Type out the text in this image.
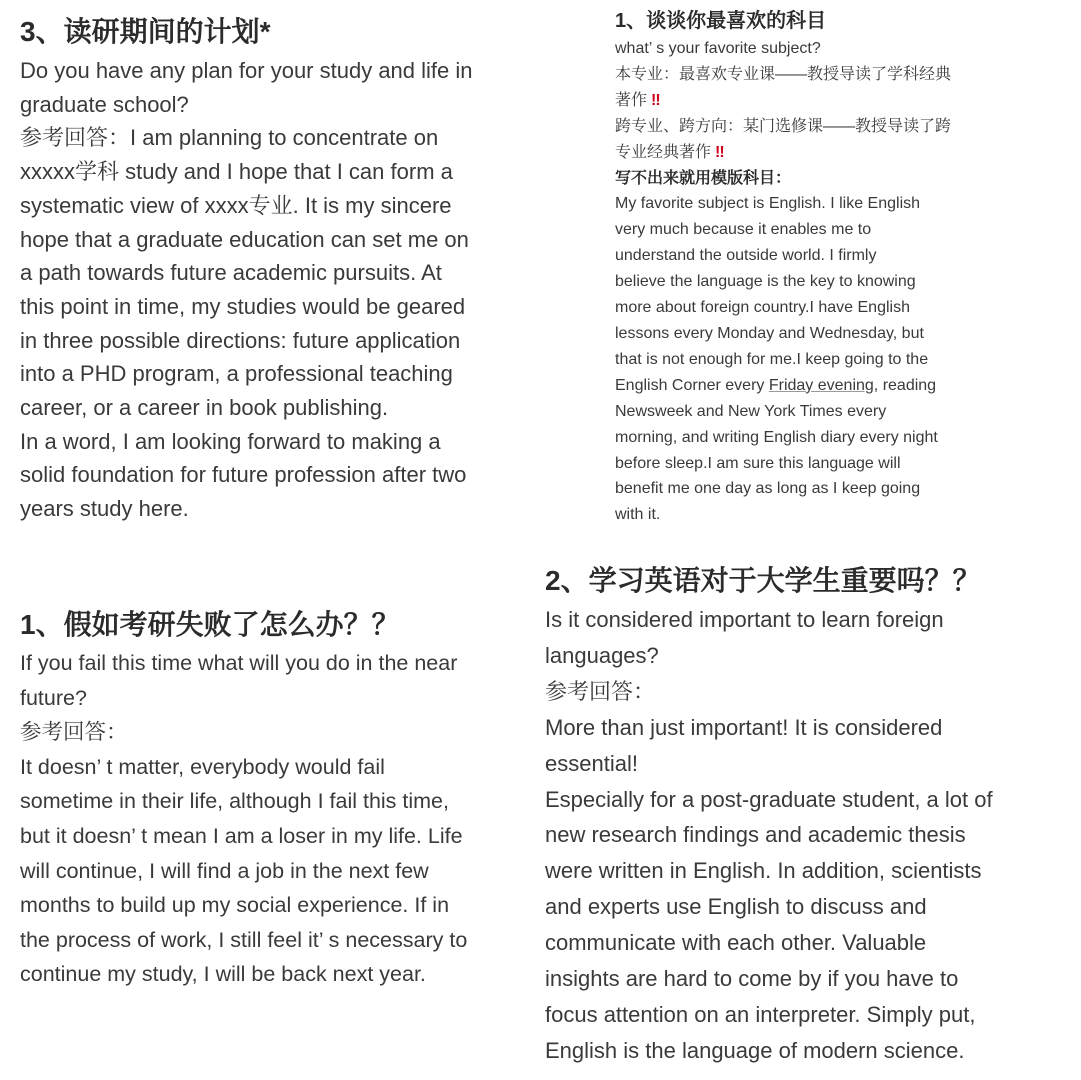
3、读研期间的计划*
Do you have any plan for your study and life in
graduate school?
参考回答：I am planning to concentrate on
xxxxx学科 study and I hope that I can form a
systematic view of xxxx专业. It is my sincere
hope that a graduate education can set me on
a path towards future academic pursuits. At
this point in time, my studies would be geared
in three possible directions: future application
into a PHD program, a professional teaching
career, or a career in book publishing.
In a word, I am looking forward to making a
solid foundation for future profession after two
years study here.
1、谈谈你最喜欢的科目
what’ s your favorite subject?
本专业：最喜欢专业课——教授导读了学科经典
著作 ‼
跨专业、跨方向：某门选修课——教授导读了跨
专业经典著作 ‼
写不出来就用模版科目：
My favorite subject is English. I like English
very much because it enables me to
understand the outside world. I firmly
believe the language is the key to knowing
more about foreign country.I have English
lessons every Monday and Wednesday, but
that is not enough for me.I keep going to the
English Corner every Friday evening, reading
Newsweek and New York Times every
morning, and writing English diary every night
before sleep.I am sure this language will
benefit me one day as long as I keep going
with it.
1、假如考研失败了怎么办？？
If you fail this time what will you do in the near
future?
参考回答：
It doesn’ t matter, everybody would fail
sometime in their life, although I fail this time,
but it doesn’ t mean I am a loser in my life. Life
will continue, I will find a job in the next few
months to build up my social experience. If in
the process of work, I still feel it’ s necessary to
continue my study, I will be back next year.
2、学习英语对于大学生重要吗？？
Is it considered important to learn foreign
languages?
参考回答：
More than just important! It is considered
essential!
Especially for a post-graduate student, a lot of
new research findings and academic thesis
were written in English. In addition, scientists
and experts use English to discuss and
communicate with each other. Valuable
insights are hard to come by if you have to
focus attention on an interpreter. Simply put,
English is the language of modern science.
